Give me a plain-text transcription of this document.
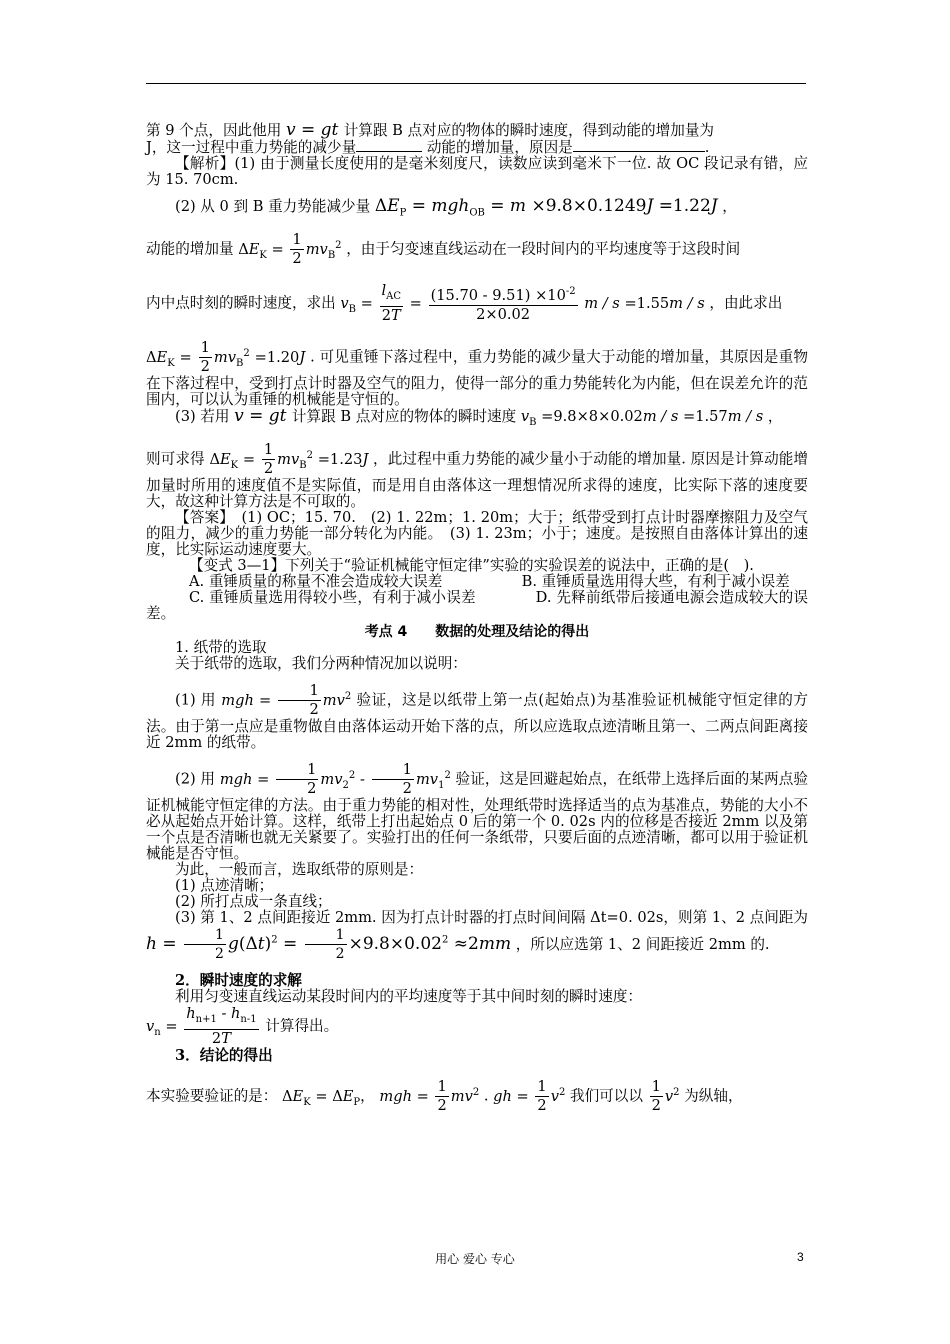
第 9 个点，因此他用 v = gt 计算跟 B 点对应的物体的瞬时速度，得到动能的增加量为
J，这一过程中重力势能的减少量	动能的增加量，原因是	.

【解析】(1) 由于测量长度使用的是毫米刻度尺，读数应读到毫米下一位. 故 OC 段记录有错，应为 15. 70cm.

(2) 从 0 到 B 重力势能减少量 $\Delta E_P = mgh_{OB} = m \times 9.8\times 0.1249J =1.22J$ ，

动能的增加量 $\Delta E_K = \frac{1}{2} mv_B^2$ ，由于匀变速直线运动在一段时间内的平均速度等于这段时间

内中点时刻的瞬时速度，求出 $v_B = \frac{l_{AC}}{2T} = \frac{(15.70 - 9.51) \times 10^{-2}}{2\times 0.02}$ m / s =1.55m / s ，由此求出

$\Delta E_K = \frac{1}{2} mv_B^2 =1.20J$ . 可见重锤下落过程中，重力势能的减少量大于动能的增加量，其原因是重物在下落过程中，受到打点计时器及空气的阻力，使得一部分的重力势能转化为内能，但在误差允许的范围内，可以认为重锤的机械能是守恒的。

(3) 若用 v = gt 计算跟 B 点对应的物体的瞬时速度 $v_B =9.8\times 8\times 0.02m / s =1.57m / s$ ，

则可求得 $\Delta E_K = \frac{1}{2} mv_B^2 =1.23J$ ，此过程中重力势能的减少量小于动能的增加量. 原因是计算动能增加量时所用的速度值不是实际值，而是用自由落体这一理想情况所求得的速度，比实际下落的速度要大，故这种计算方法是不可取的。

【答案】　(1) OC；15. 70.　(2) 1. 22m；1. 20m；大于；纸带受到打点计时器摩擦阻力及空气的阻力，减少的重力势能一部分转化为内能。　(3) 1. 23m；小于；速度。是按照自由落体计算出的速度，比实际运动速度要大。

【变式 3—1】下列关于“验证机械能守恒定律”实验的实验误差的说法中，正确的是(　).

A. 重锤质量的称量不准会造成较大误差	B. 重锤质量选用得大些，有利于减小误差

C. 重锤质量选用得较小些，有利于减小误差	D. 先释前纸带后接通电源会造成较大的误差。

考点 4　　数据的处理及结论的得出

1. 纸带的选取

关于纸带的选取，我们分两种情况加以说明：

(1) 用 mgh = $\frac{1}{2} mv^2$ 验证，这是以纸带上第一点(起始点)为基准验证机械能守恒定律的方法。由于第一点应是重物做自由落体运动开始下落的点，所以应选取点迹清晰且第一、二两点间距离接近 2mm 的纸带。

(2) 用 mgh = $\frac{1}{2} mv_2^2 - \frac{1}{2} mv_1^2$ 验证，这是回避起始点，在纸带上选择后面的某两点验证机械能守恒定律的方法。由于重力势能的相对性，处理纸带时选择适当的点为基准点，势能的大小不必从起始点开始计算。这样，纸带上打出起始点 0 后的第一个 0. 02s 内的位移是否接近 2mm 以及第一个点是否清晰也就无关紧要了。实验打出的任何一条纸带，只要后面的点迹清晰，都可以用于验证机械能是否守恒。

为此，一般而言，选取纸带的原则是：

(1) 点迹清晰；

(2) 所打点成一条直线；

(3) 第 1、2 点间距接近 2mm. 因为打点计时器的打点时间间隔 Δt=0. 02s，则第 1、2 点间距为 $h = \frac{1}{2} g(\Delta t)^2 = \frac{1}{2} \times 9.8\times 0.02^2 \approx 2mm$ ，所以应选第 1、2 间距接近 2mm 的.

2．瞬时速度的求解

利用匀变速直线运动某段时间内的平均速度等于其中间时刻的瞬时速度：

$v_n = \frac{h_{n+1} - h_{n-1}}{2T}$ 计算得出。

3．结论的得出

本实验要验证的是： $\Delta E_K = \Delta E_P$， mgh = $\frac{1}{2} mv^2$ . gh = $\frac{1}{2} v^2$ 我们可以以 $\frac{1}{2} v^2$ 为纵轴，

用心 爱心 专心	3
